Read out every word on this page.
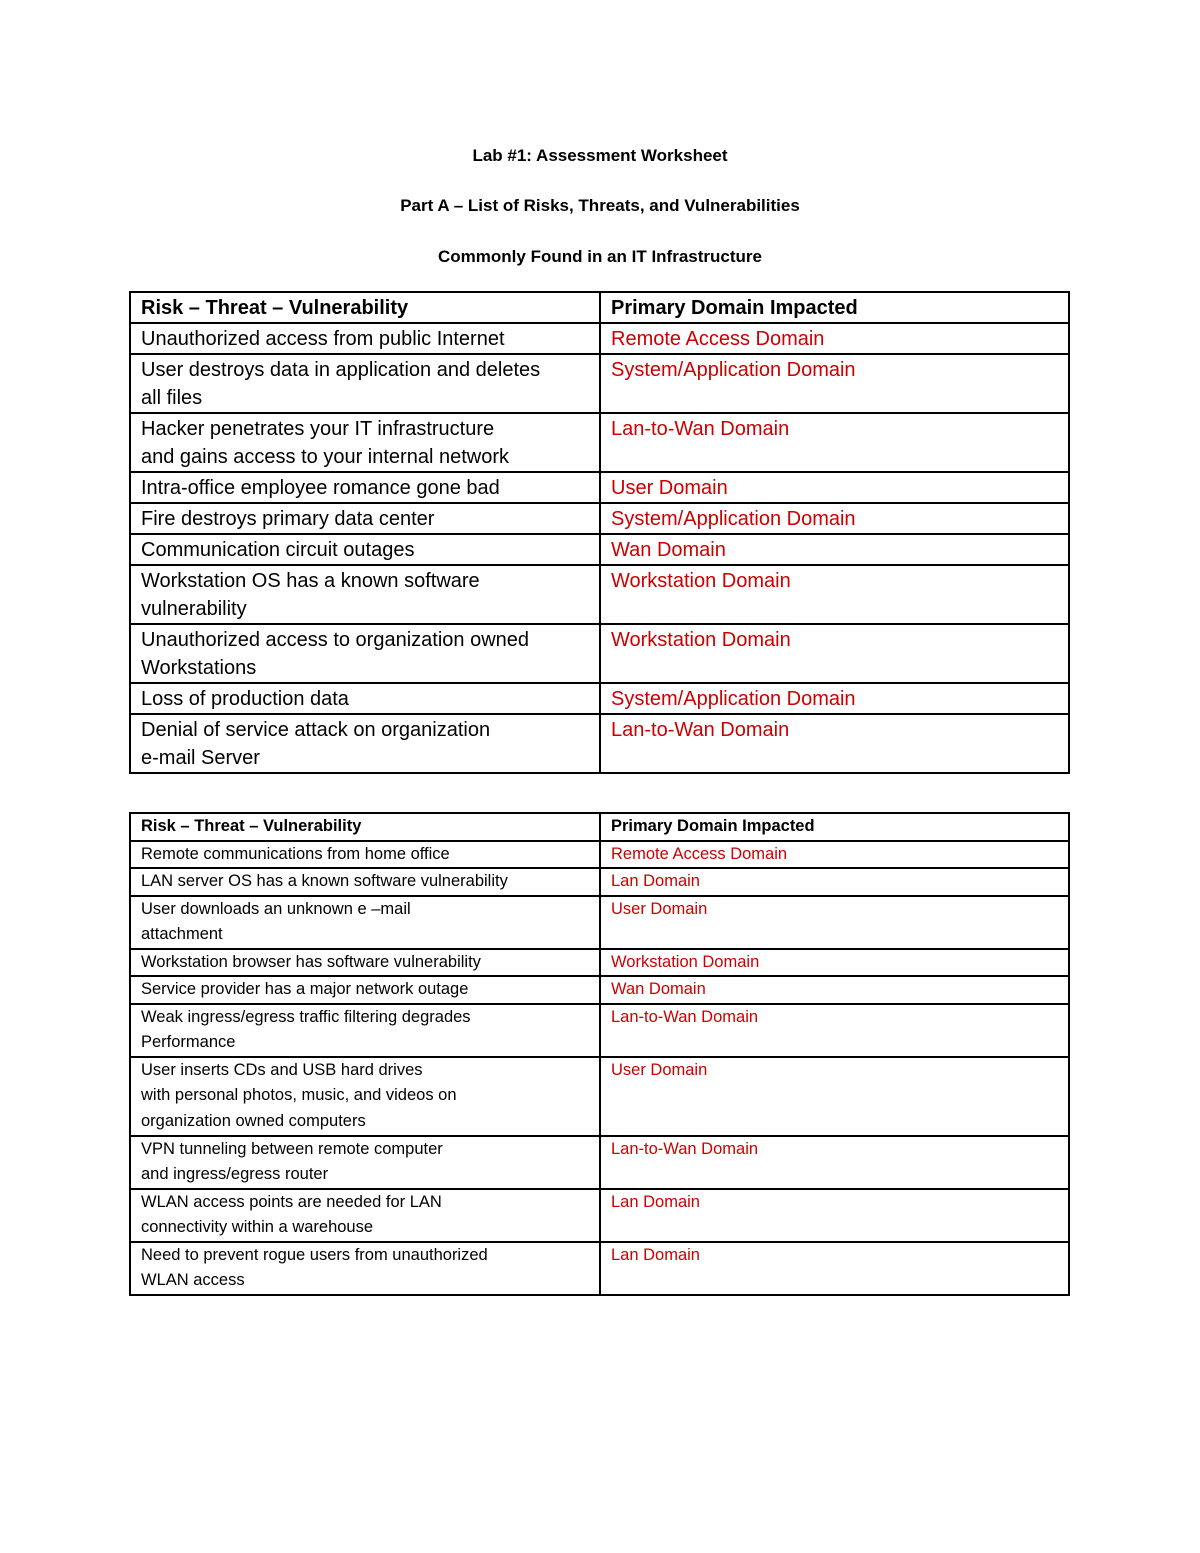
Lab #1: Assessment Worksheet
Part A – List of Risks, Threats, and Vulnerabilities
Commonly Found in an IT Infrastructure
Risk – Threat – Vulnerability	Primary Domain Impacted

Unauthorized access from public Internet	Remote Access Domain

User destroys data in application and deletes
all files	System/Application Domain

Hacker penetrates your IT infrastructure
and gains access to your internal network	Lan-to-Wan Domain

Intra-office employee romance gone bad	User Domain

Fire destroys primary data center	System/Application Domain

Communication circuit outages	Wan Domain

Workstation OS has a known software
vulnerability	Workstation Domain

Unauthorized access to organization owned
Workstations	Workstation Domain

Loss of production data	System/Application Domain

Denial of service attack on organization
e-mail Server	Lan-to-Wan Domain
Risk – Threat – Vulnerability	Primary Domain Impacted

Remote communications from home office	Remote Access Domain

LAN server OS has a known software vulnerability	Lan Domain

User downloads an unknown e –mail
attachment	User Domain

Workstation browser has software vulnerability	Workstation Domain

Service provider has a major network outage	Wan Domain

Weak ingress/egress traffic filtering degrades
Performance	Lan-to-Wan Domain

User inserts CDs and USB hard drives
with personal photos, music, and videos on
organization owned computers	User Domain

VPN tunneling between remote computer
and ingress/egress router	Lan-to-Wan Domain

WLAN access points are needed for LAN
connectivity within a warehouse	Lan Domain

Need to prevent rogue users from unauthorized
WLAN access	Lan Domain
